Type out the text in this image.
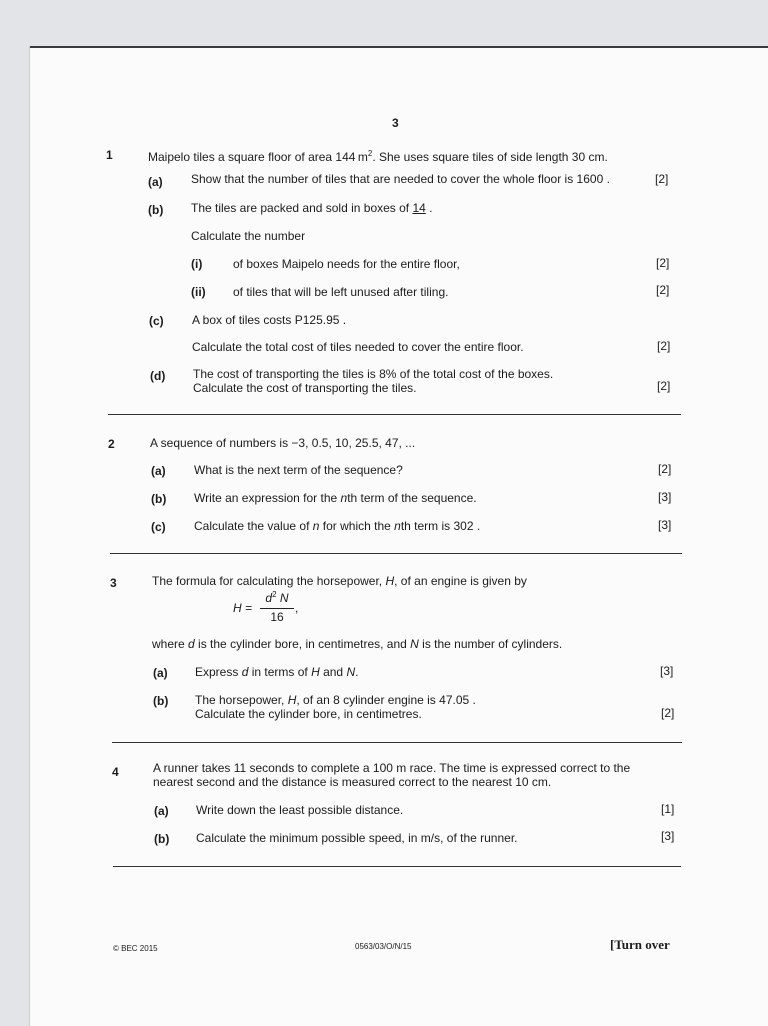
3
1	Maipelo tiles a square floor of area 144  $m^2$. She uses square tiles of side length 30 cm.
(a) Show that the number of tiles that are needed to cover the whole floor is 1600 .	[2]
(b) The tiles are packed and sold in boxes of 14 .
Calculate the number
(i)	of boxes Maipelo needs for the entire floor,	[2]
(ii) of tiles that will be left unused after tiling.	[2]
(c) A box of tiles costs P125.95 .
Calculate the total cost of tiles needed to cover the entire floor.	[2]
(d) The cost of transporting the tiles is 8% of the total cost of the boxes.
Calculate the cost of transporting the tiles.	[2]
2	A sequence of numbers is −3, 0.5, 10, 25.5, 47, ...
(a) What is the next term of the sequence?	[2]
(b) Write an expression for the nth term of the sequence.	[3]
(c) Calculate the value of n for which the nth term is 302 .	[3]
3	The formula for calculating the horsepower, H, of an engine is given by
H =
$d^2$ N
16
,
where d is the cylinder bore, in centimetres, and N is the number of cylinders.
(a) Express d in terms of H and N.	[3]
(b) The horsepower, H, of an 8 cylinder engine is 47.05 .
Calculate the cylinder bore, in centimetres.	[2]
4	A runner takes 11 seconds to complete a 100 m race. The time is expressed correct to the
nearest second and the distance is measured correct to the nearest 10 cm.
(a) Write down the least possible distance.	[1]
(b) Calculate the minimum possible speed, in m/s, of the runner.	[3]
© BEC 2015	0563/03/O/N/15	[Turn over
